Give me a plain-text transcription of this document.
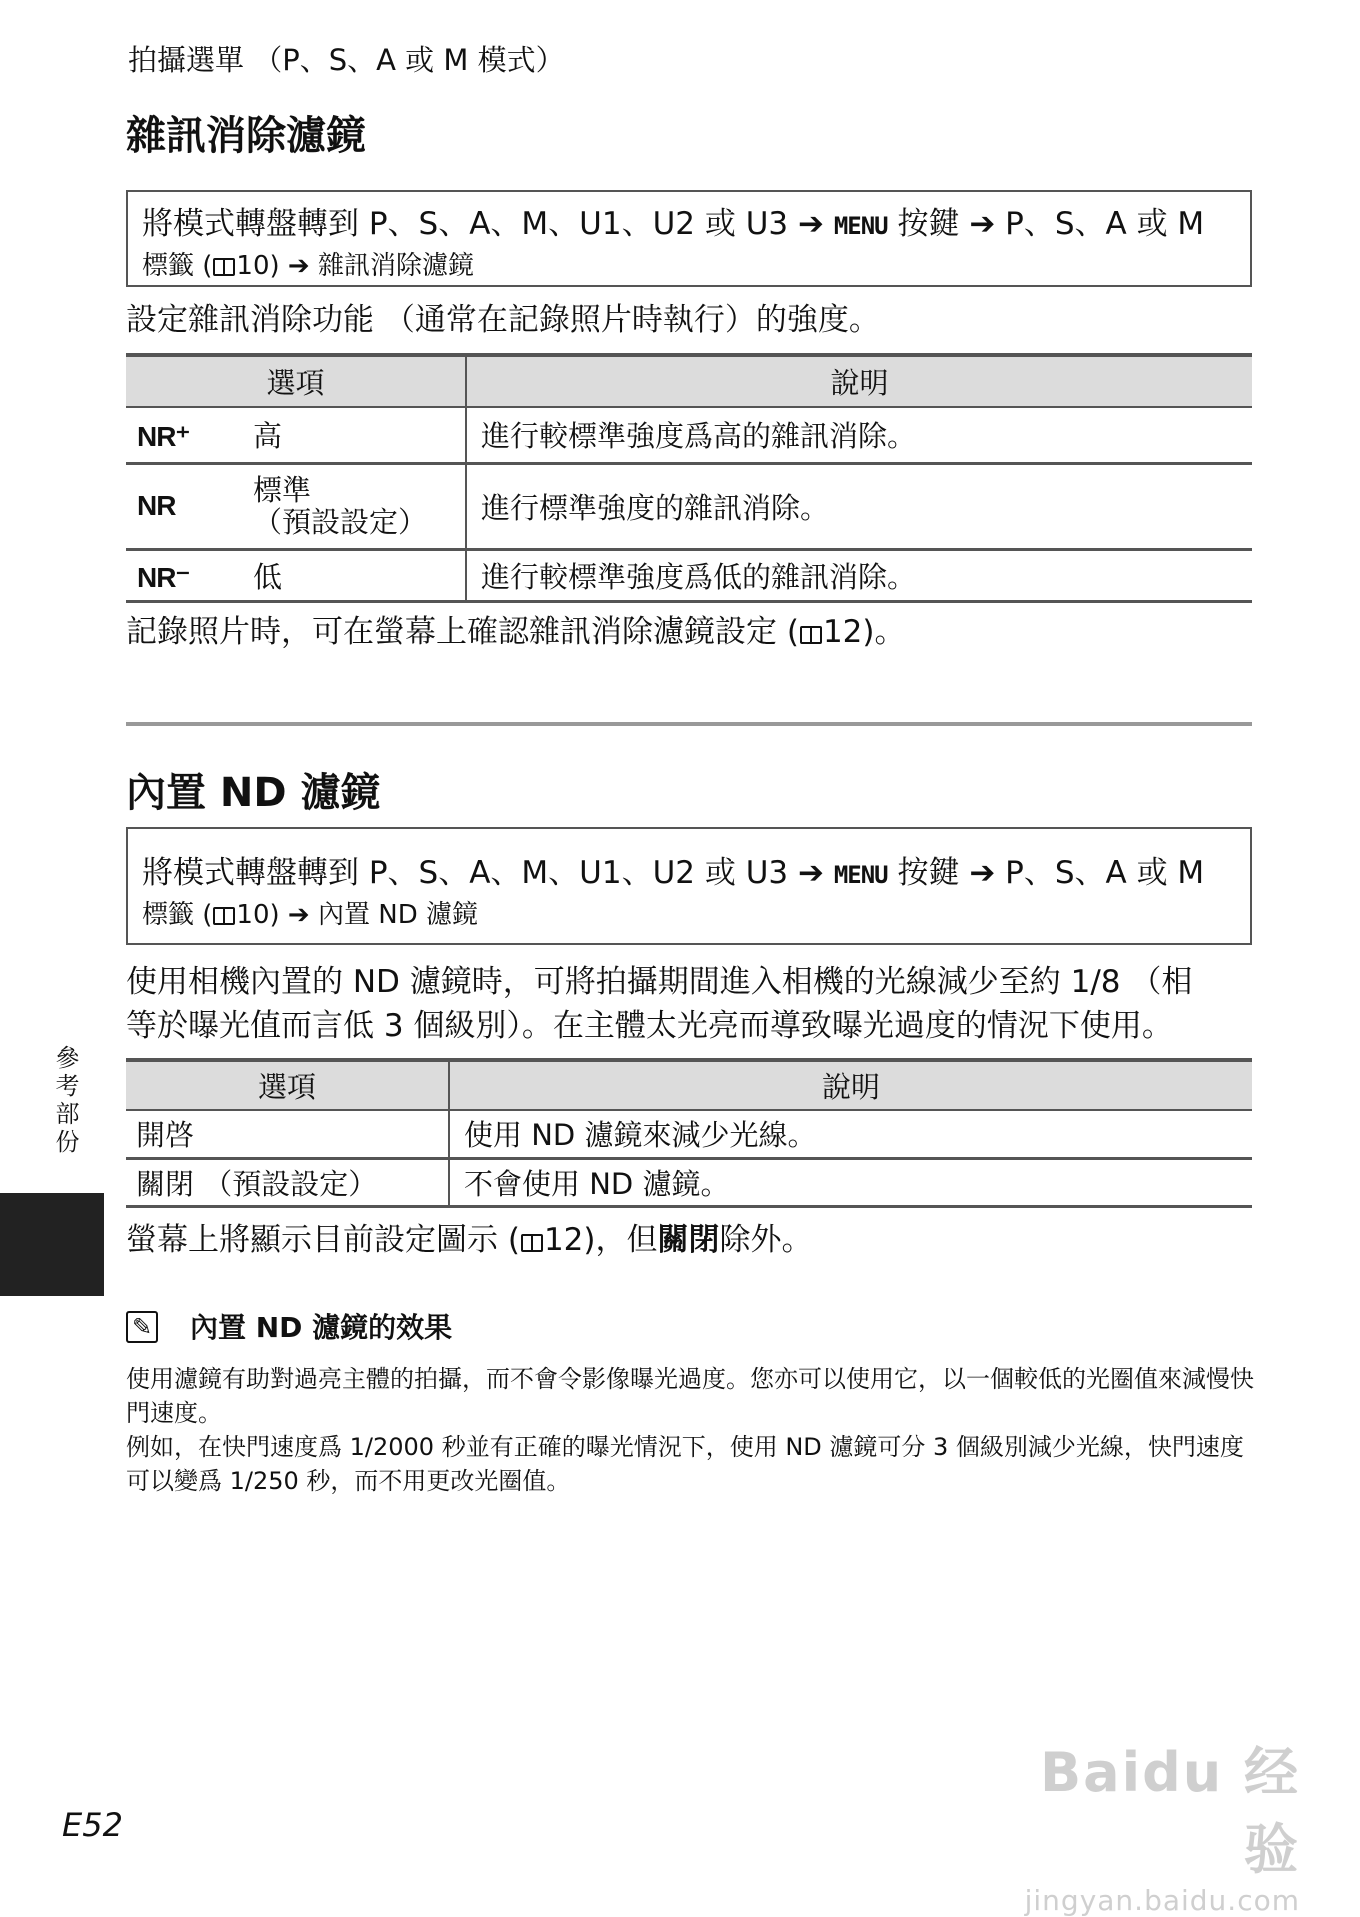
拍攝選單 （P、S、A 或 M 模式）
雜訊消除濾鏡
將模式轉盤轉到 P、S、A、M、U1、U2 或 U3 ➔ MENU 按鍵 ➔ P、S、A 或 M
標籤 ( 10) ➔ 雜訊消除濾鏡
設定雜訊消除功能 （通常在記錄照片時執行）的強度。
選項	說明
NR⁺ 高	進行較標準強度爲高的雜訊消除。

NR 標準
（預設設定）	進行標準強度的雜訊消除。
NR⁻ 低	進行較標準強度爲低的雜訊消除。
記錄照片時，可在螢幕上確認雜訊消除濾鏡設定 ( 12)。
內置 ND 濾鏡
將模式轉盤轉到 P、S、A、M、U1、U2 或 U3 ➔ MENU 按鍵 ➔ P、S、A 或 M
標籤 ( 10) ➔ 內置 ND 濾鏡
使用相機內置的 ND 濾鏡時，可將拍攝期間進入相機的光線減少至約 1/8 （相
等於曝光值而言低 3 個級別）。在主體太光亮而導致曝光過度的情況下使用。
選項	說明
開啓	使用 ND 濾鏡來減少光線。
關閉 （預設設定）	不會使用 ND 濾鏡。
螢幕上將顯示目前設定圖示 ( 12)，但關閉除外。
參考部份
✎ 內置 ND 濾鏡的效果
使用濾鏡有助對過亮主體的拍攝，而不會令影像曝光過度。您亦可以使用它，以一個較低的光圈值來減慢快門速度。
例如，在快門速度爲 1/2000 秒並有正確的曝光情況下，使用 ND 濾鏡可分 3 個級別減少光線，快門速度可以變爲 1/250 秒，而不用更改光圈值。
E52
Baidu 经验
jingyan.baidu.com
